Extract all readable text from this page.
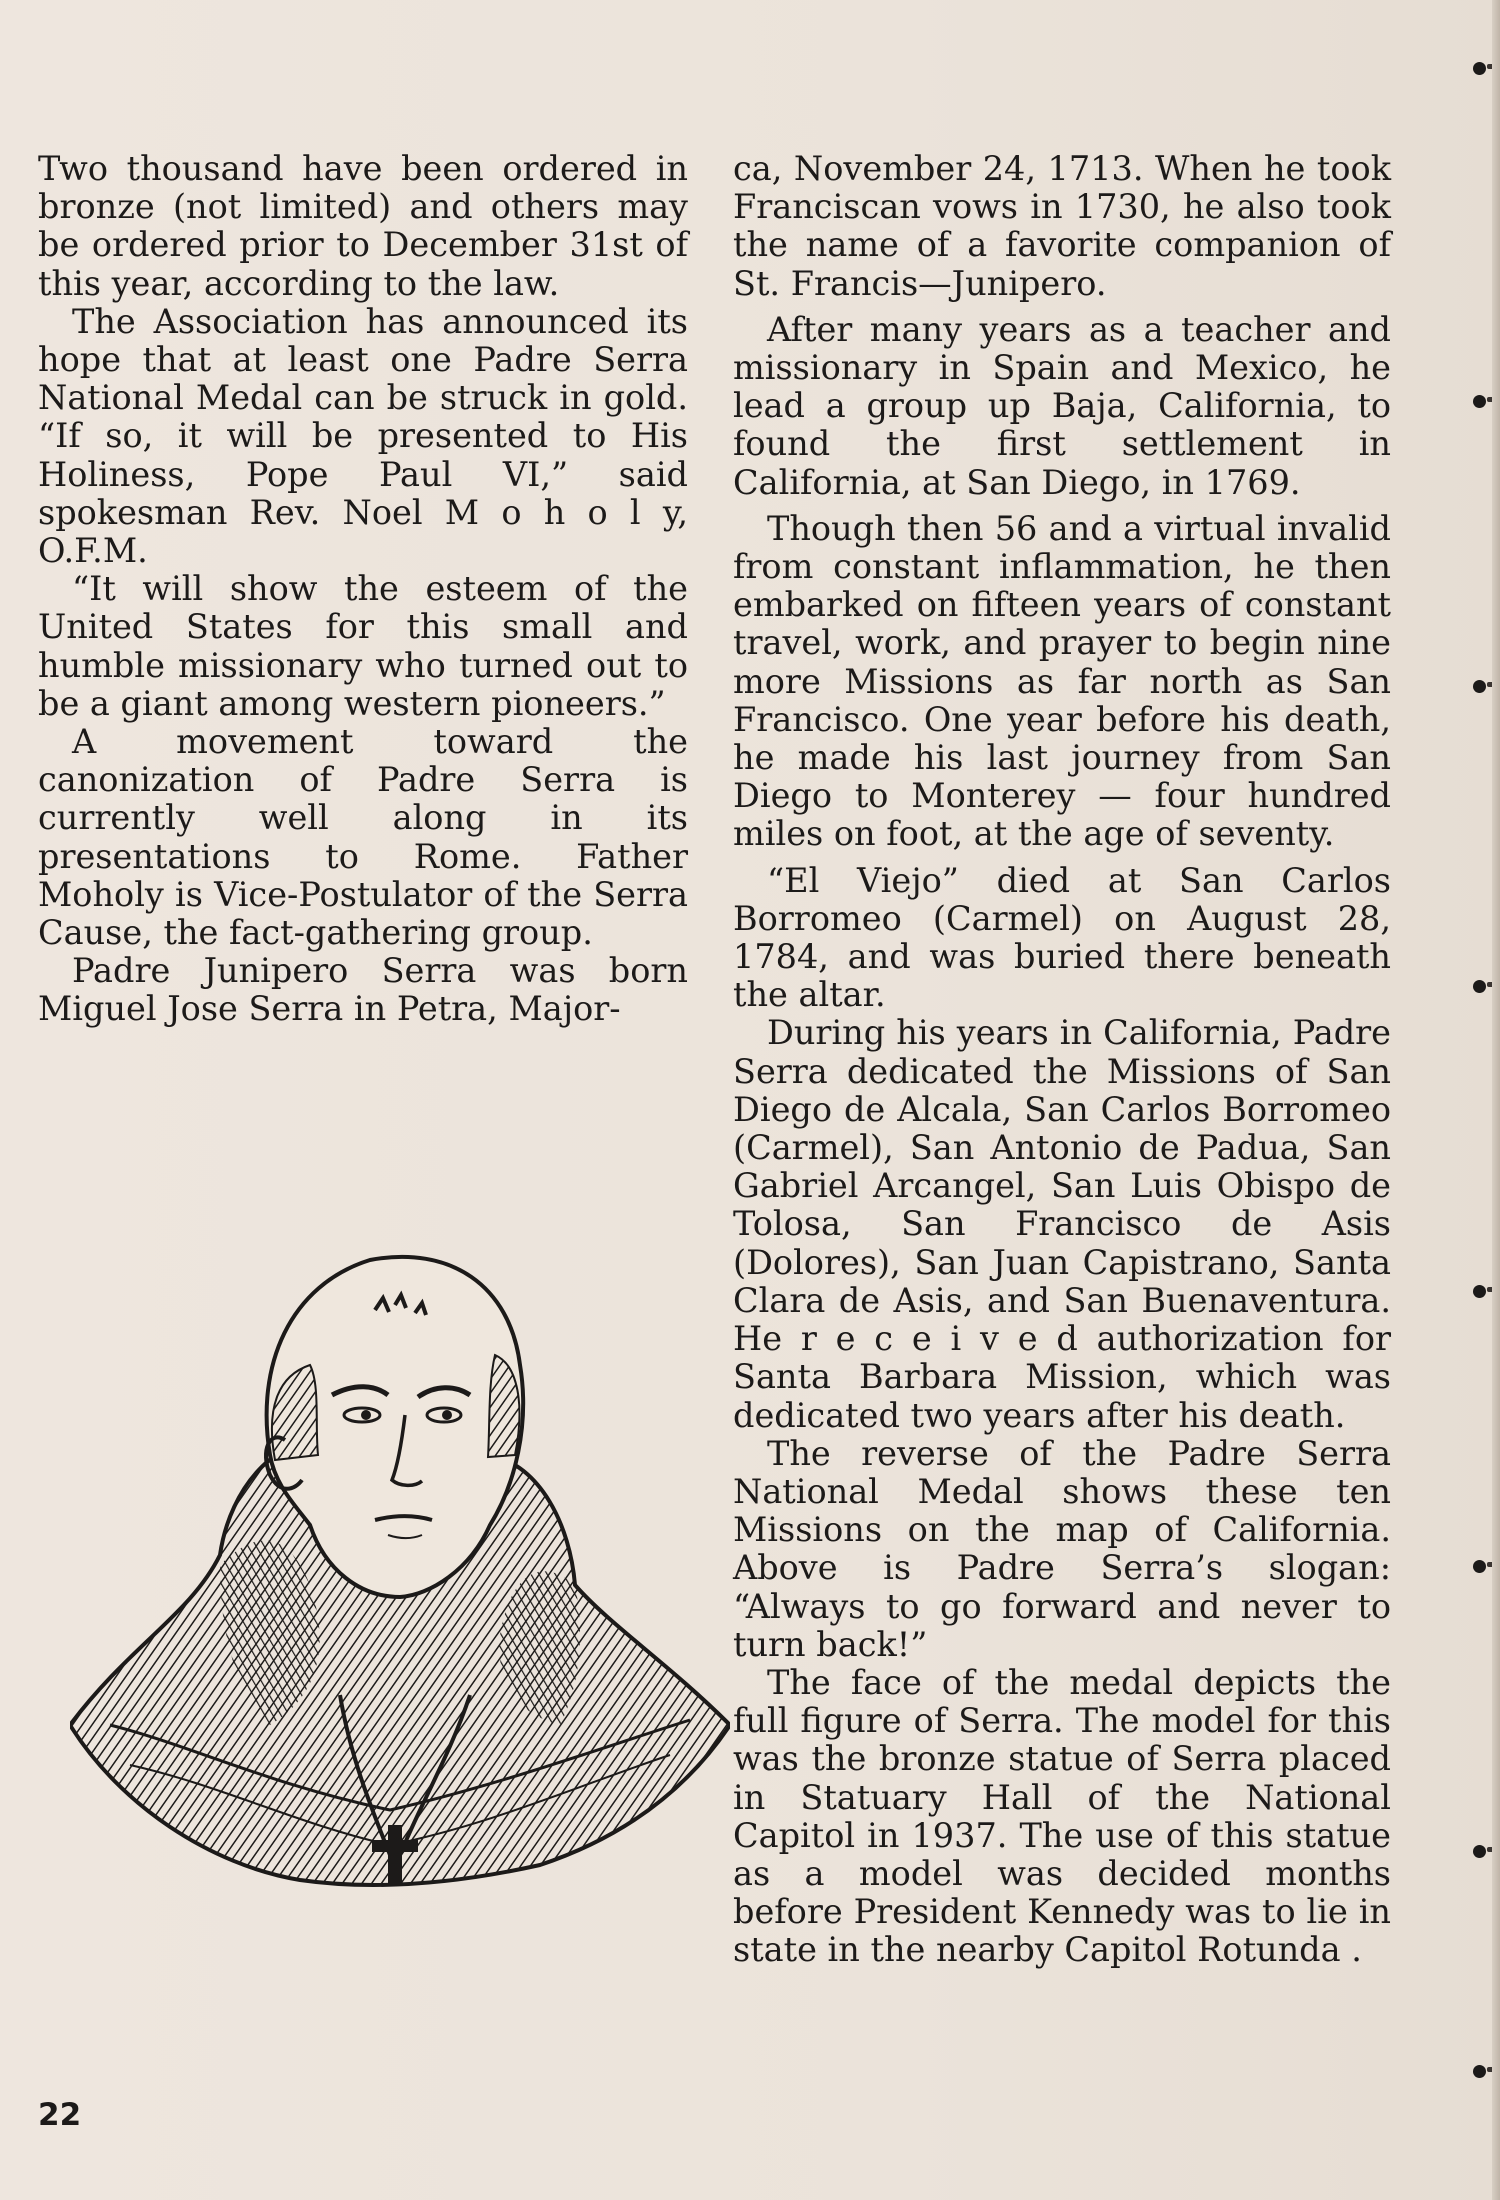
Two thousand have been ordered in bronze (not limited) and others may be ordered prior to December 31st of this year, according to the law.

The Association has announced its hope that at least one Padre Serra National Medal can be struck in gold. “If so, it will be presented to His Holiness, Pope Paul VI,” said spokesman Rev. Noel M o h o l y, O.F.M.

“It will show the esteem of the United States for this small and humble missionary who turned out to be a giant among western pioneers.”

A movement toward the canonization of Padre Serra is currently well along in its presentations to Rome. Father Moholy is Vice-Postulator of the Serra Cause, the fact-gathering group.

Padre Junipero Serra was born Miguel Jose Serra in Petra, Major-

ca, November 24, 1713. When he took Franciscan vows in 1730, he also took the name of a favorite companion of St. Francis—Junipero.

After many years as a teacher and missionary in Spain and Mexico, he lead a group up Baja, California, to found the first settlement in California, at San Diego, in 1769.

Though then 56 and a virtual invalid from constant inflammation, he then embarked on fifteen years of constant travel, work, and prayer to begin nine more Missions as far north as San Francisco. One year before his death, he made his last journey from San Diego to Monterey — four hundred miles on foot, at the age of seventy.

“El Viejo” died at San Carlos Borromeo (Carmel) on August 28, 1784, and was buried there beneath the altar.

During his years in California, Padre Serra dedicated the Missions of San Diego de Alcala, San Carlos Borromeo (Carmel), San Antonio de Padua, San Gabriel Arcangel, San Luis Obispo de Tolosa, San Francisco de Asis (Dolores), San Juan Capistrano, Santa Clara de Asis, and San Buenaventura. He r e c e i v e d authorization for Santa Barbara Mission, which was dedicated two years after his death.

The reverse of the Padre Serra National Medal shows these ten Missions on the map of California. Above is Padre Serra’s slogan: “Always to go forward and never to turn back!”

The face of the medal depicts the full figure of Serra. The model for this was the bronze statue of Serra placed in Statuary Hall of the National Capitol in 1937. The use of this statue as a model was decided months before President Kennedy was to lie in state in the nearby Capitol Rotunda .

22
